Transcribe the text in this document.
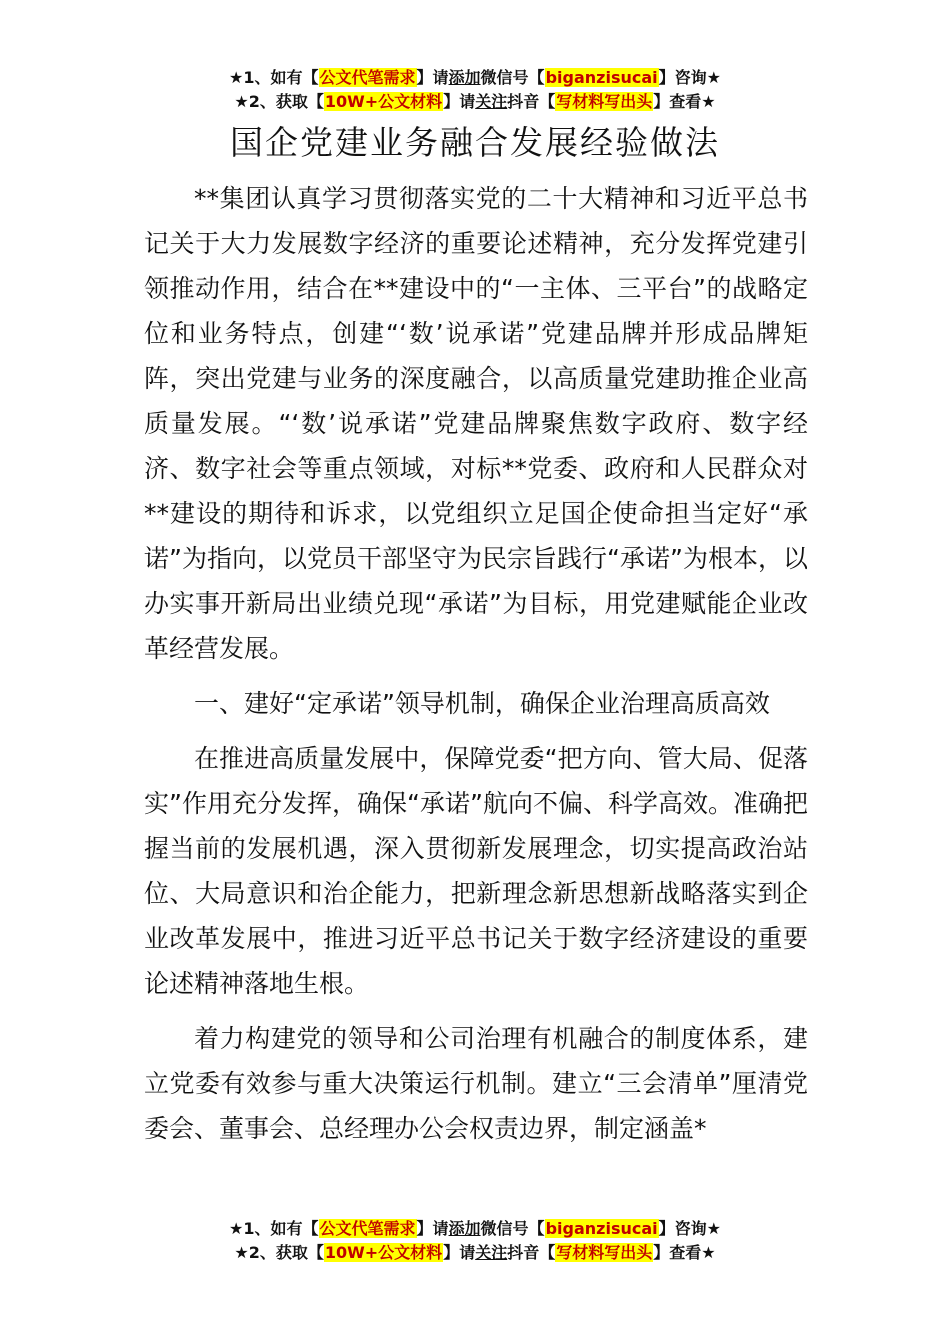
★1、如有【公文代笔需求】请添加微信号【biganzisucai】咨询★
★2、获取【10W+公文材料】请关注抖音【写材料写出头】查看★
国企党建业务融合发展经验做法

**集团认真学习贯彻落实党的二十大精神和习近平总书记关于大力发展数字经济的重要论述精神，充分发挥党建引领推动作用，结合在**建设中的“一主体、三平台”的战略定位和业务特点，创建“‘数’说承诺”党建品牌并形成品牌矩阵，突出党建与业务的深度融合，以高质量党建助推企业高质量发展。“‘数’说承诺”党建品牌聚焦数字政府、数字经济、数字社会等重点领域，对标**党委、政府和人民群众对**建设的期待和诉求，以党组织立足国企使命担当定好“承诺”为指向，以党员干部坚守为民宗旨践行“承诺”为根本，以办实事开新局出业绩兑现“承诺”为目标，用党建赋能企业改革经营发展。

一、建好“定承诺”领导机制，确保企业治理高质高效

在推进高质量发展中，保障党委“把方向、管大局、促落实”作用充分发挥，确保“承诺”航向不偏、科学高效。准确把握当前的发展机遇，深入贯彻新发展理念，切实提高政治站位、大局意识和治企能力，把新理念新思想新战略落实到企业改革发展中，推进习近平总书记关于数字经济建设的重要论述精神落地生根。

着力构建党的领导和公司治理有机融合的制度体系，建立党委有效参与重大决策运行机制。建立“三会清单”厘清党委会、董事会、总经理办公会权责边界，制定涵盖*

★1、如有【公文代笔需求】请添加微信号【biganzisucai】咨询★
★2、获取【10W+公文材料】请关注抖音【写材料写出头】查看★
